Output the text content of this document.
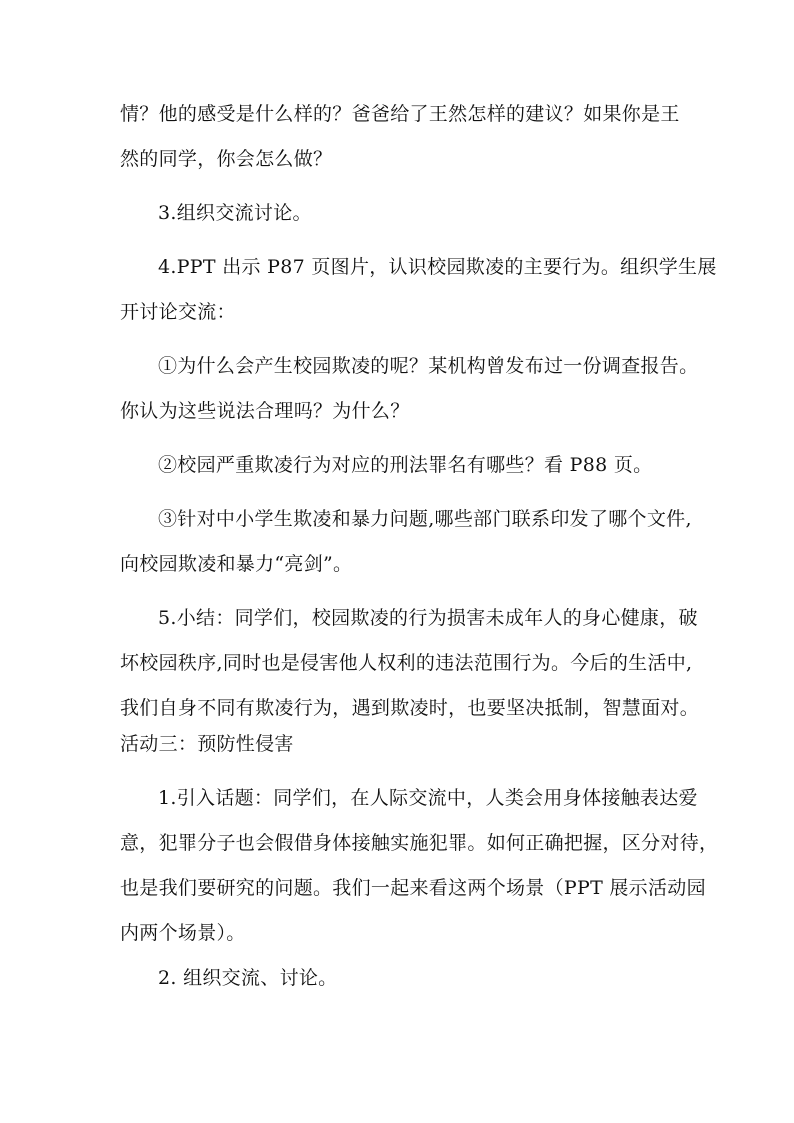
情？他的感受是什么样的？爸爸给了王然怎样的建议？如果你是王
然的同学，你会怎么做？
3.组织交流讨论。
4.PPT 出示 P87 页图片，认识校园欺凌的主要行为。组织学生展
开讨论交流：
①为什么会产生校园欺凌的呢？某机构曾发布过一份调查报告。
你认为这些说法合理吗？为什么？
②校园严重欺凌行为对应的刑法罪名有哪些？看 P88 页。
③针对中小学生欺凌和暴力问题,哪些部门联系印发了哪个文件,
向校园欺凌和暴力“亮剑”。
5.小结：同学们，校园欺凌的行为损害未成年人的身心健康，破
坏校园秩序,同时也是侵害他人权利的违法范围行为。今后的生活中,
我们自身不同有欺凌行为，遇到欺凌时，也要坚决抵制，智慧面对。
活动三：预防性侵害
1.引入话题：同学们，在人际交流中，人类会用身体接触表达爱
意，犯罪分子也会假借身体接触实施犯罪。如何正确把握，区分对待，
也是我们要研究的问题。我们一起来看这两个场景（PPT 展示活动园
内两个场景）。
2. 组织交流、讨论。
